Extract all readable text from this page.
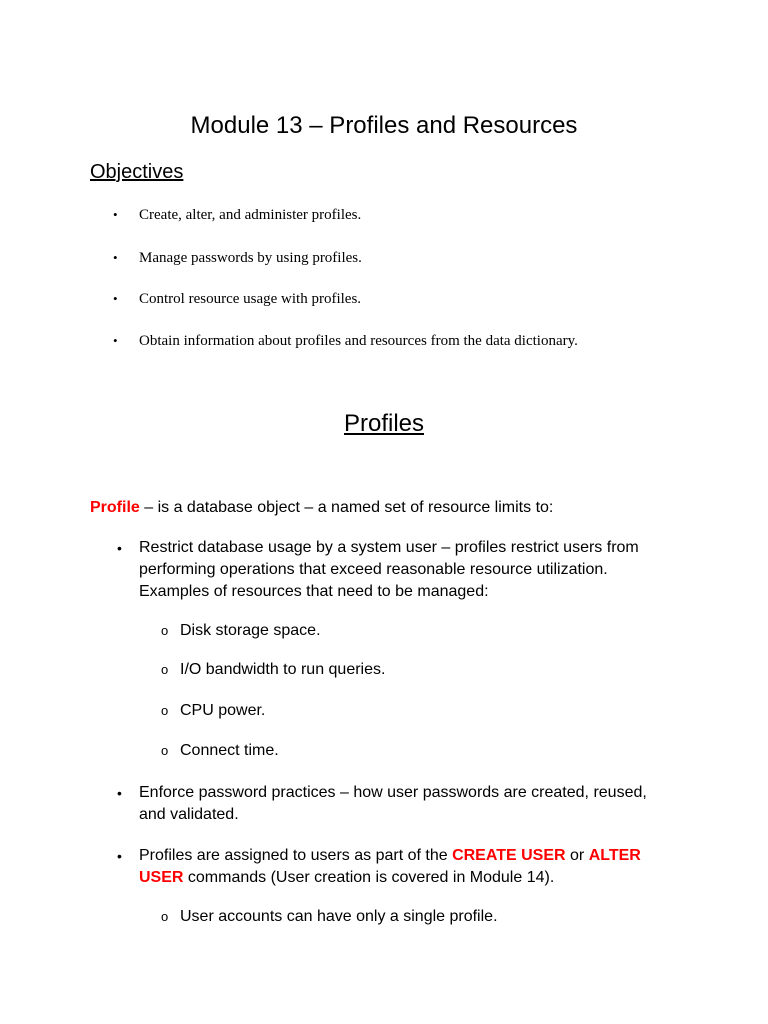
Module 13 – Profiles and Resources
Objectives
• Create, alter, and administer profiles.
• Manage passwords by using profiles.
• Control resource usage with profiles.
• Obtain information about profiles and resources from the data dictionary.
Profiles
Profile – is a database object – a named set of resource limits to:
•	Restrict database usage by a system user – profiles restrict users from performing operations that exceed reasonable resource utilization. Examples of resources that need to be managed:
o Disk storage space.
o I/O bandwidth to run queries.
o CPU power.
o Connect time.
•	Enforce password practices – how user passwords are created, reused, and validated.
•	Profiles are assigned to users as part of the CREATE USER or ALTER USER commands (User creation is covered in Module 14).
o User accounts can have only a single profile.
